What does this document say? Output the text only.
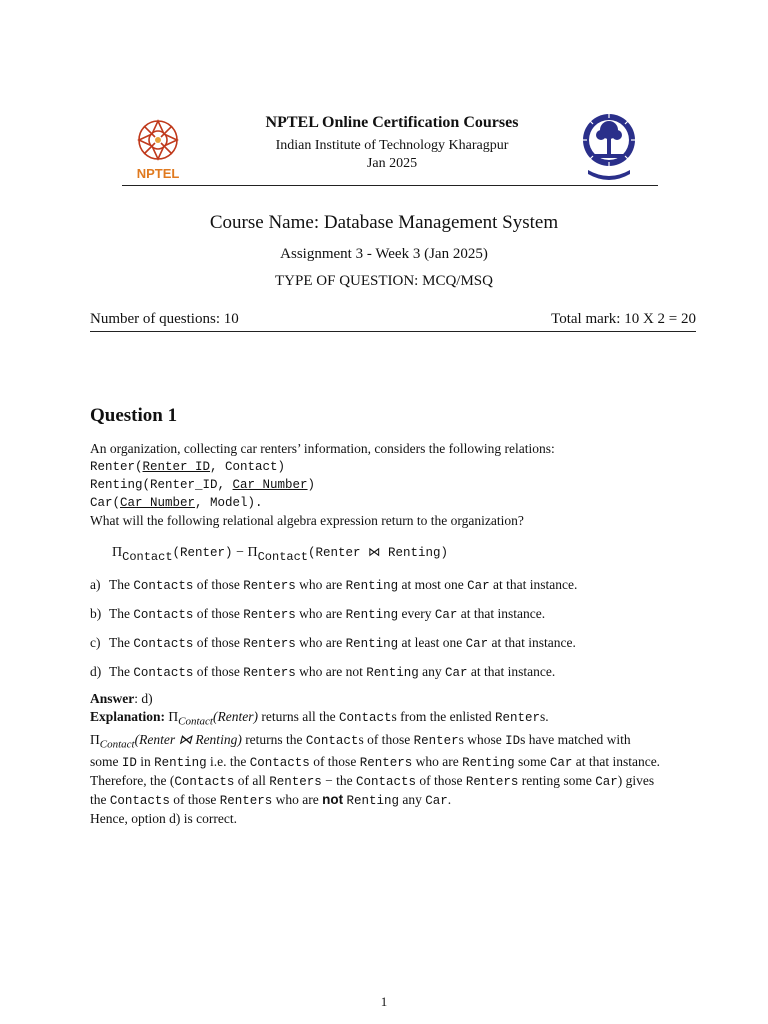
NPTEL
NPTEL Online Certification Courses
Indian Institute of Technology Kharagpur
Jan 2025
Course Name: Database Management System
Assignment 3 - Week 3 (Jan 2025)
TYPE OF QUESTION: MCQ/MSQ
Number of questions: 10	Total mark: 10 X 2 = 20
Question 1
An organization, collecting car renters’ information, considers the following relations:
Renter(Renter_ID, Contact)
Renting(Renter_ID, Car_Number)
Car(Car_Number, Model).
What will the following relational algebra expression return to the organization?
$\Pi_{Contact}(Renter)$ − $\Pi_{Contact}(Renter$ ⋈ Renting)
a) The Contacts of those Renters who are Renting at most one Car at that instance.
b) The Contacts of those Renters who are Renting every Car at that instance.
c) The Contacts of those Renters who are Renting at least one Car at that instance.
d) The Contacts of those Renters who are not Renting any Car at that instance.
Answer: d)
Explanation: $\Pi_{Contact}(Renter)$ returns all the Contacts from the enlisted Renters.
$\Pi_{Contact}(Renter$ ⋈ Renting) returns the Contacts of those Renters whose IDs have matched with
some ID in Renting i.e. the Contacts of those Renters who are Renting some Car at that instance.
Therefore, the (Contacts of all Renters − the Contacts of those Renters renting some Car) gives
the Contacts of those Renters who are not Renting any Car.
Hence, option d) is correct.
1
